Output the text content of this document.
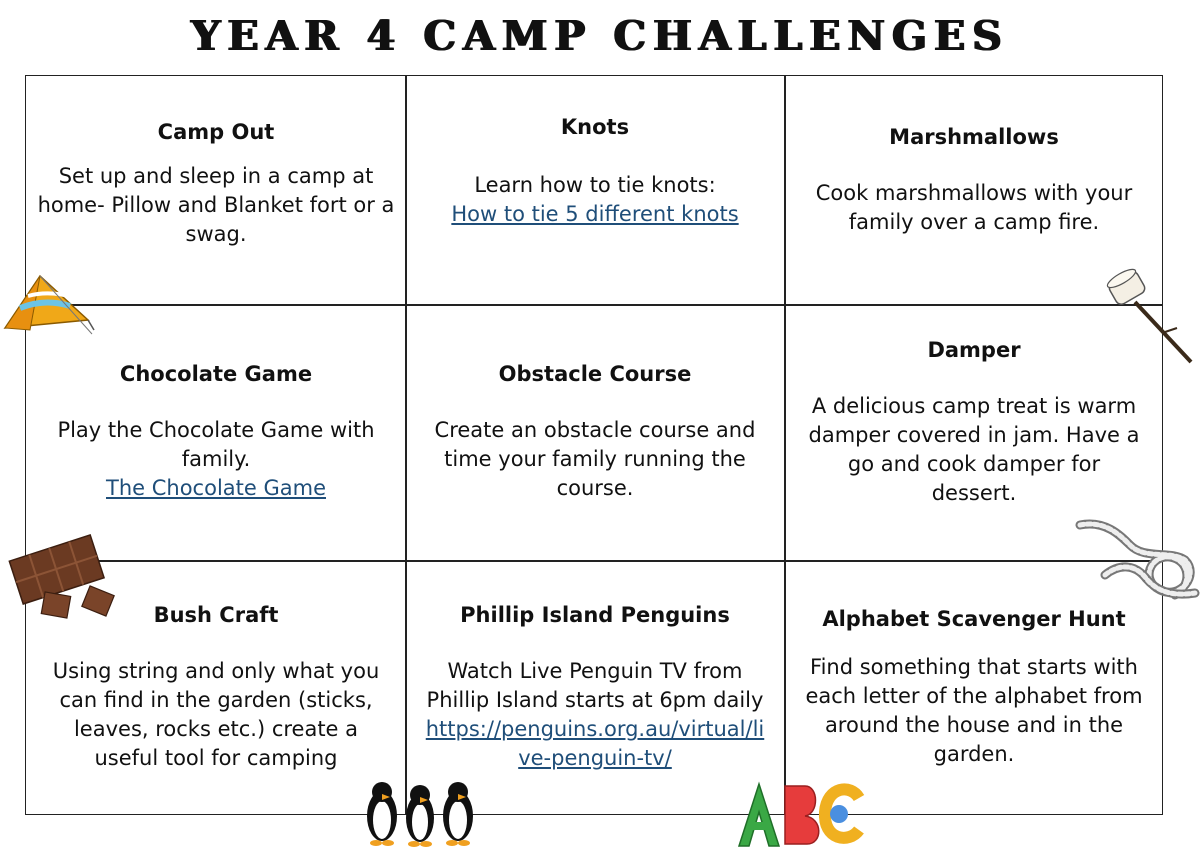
YEAR 4 CAMP CHALLENGES
Camp Out

Set up and sleep in a camp at home- Pillow and Blanket fort or a swag.

Knots

Learn how to tie knots:
How to tie 5 different knots

Marshmallows

Cook marshmallows with your family over a camp fire.

Chocolate Game

Play the Chocolate Game with family.
The Chocolate Game

Obstacle Course

Create an obstacle course and time your family running the course.

Damper

A delicious camp treat is warm damper covered in jam. Have a go and cook damper for dessert.

Bush Craft

Using string and only what you can find in the garden (sticks, leaves, rocks etc.) create a useful tool for camping

Phillip Island Penguins

Watch Live Penguin TV from Phillip Island starts at 6pm daily
https://penguins.org.au/virtual/live-penguin-tv/

Alphabet Scavenger Hunt

Find something that starts with each letter of the alphabet from around the house and in the garden.
